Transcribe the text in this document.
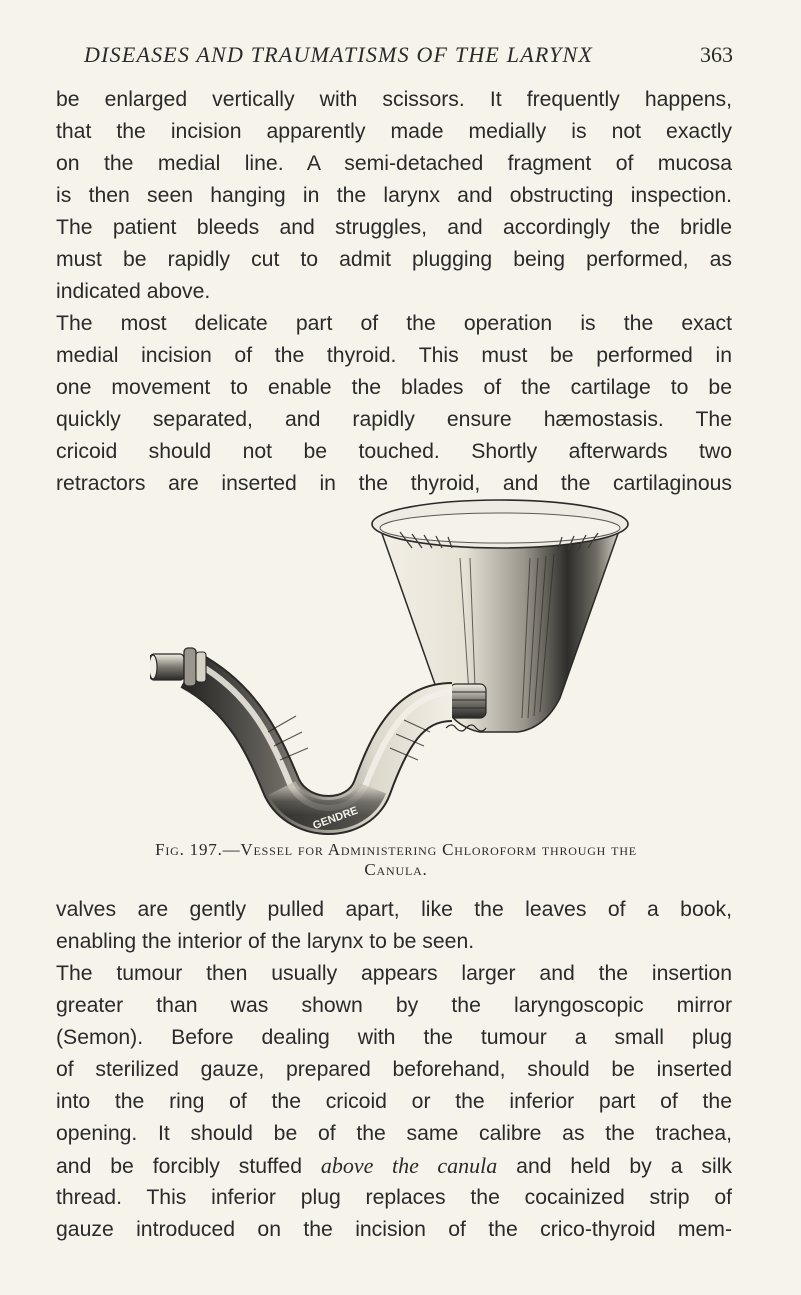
DISEASES AND TRAUMATISMS OF THE LARYNX	363
be enlarged vertically with scissors. It frequently happens,
that the incision apparently made medially is not exactly
on the medial line. A semi-detached fragment of mucosa
is then seen hanging in the larynx and obstructing inspection.
The patient bleeds and struggles, and accordingly the bridle
must be rapidly cut to admit plugging being performed, as
indicated above.
The most delicate part of the operation is the exact
medial incision of the thyroid. This must be performed in
one movement to enable the blades of the cartilage to be
quickly separated, and rapidly ensure hæmostasis. The
cricoid should not be touched. Shortly afterwards two
retractors are inserted in the thyroid, and the cartilaginous
GENDRE
Fig. 197.—Vessel for Administering Chloroform through the
Canula.
valves are gently pulled apart, like the leaves of a book,
enabling the interior of the larynx to be seen.
The tumour then usually appears larger and the insertion
greater than was shown by the laryngoscopic mirror
(Semon). Before dealing with the tumour a small plug
of sterilized gauze, prepared beforehand, should be inserted
into the ring of the cricoid or the inferior part of the
opening. It should be of the same calibre as the trachea,
and be forcibly stuffed above the canula and held by a silk
thread. This inferior plug replaces the cocainized strip of
gauze introduced on the incision of the crico-thyroid mem-
